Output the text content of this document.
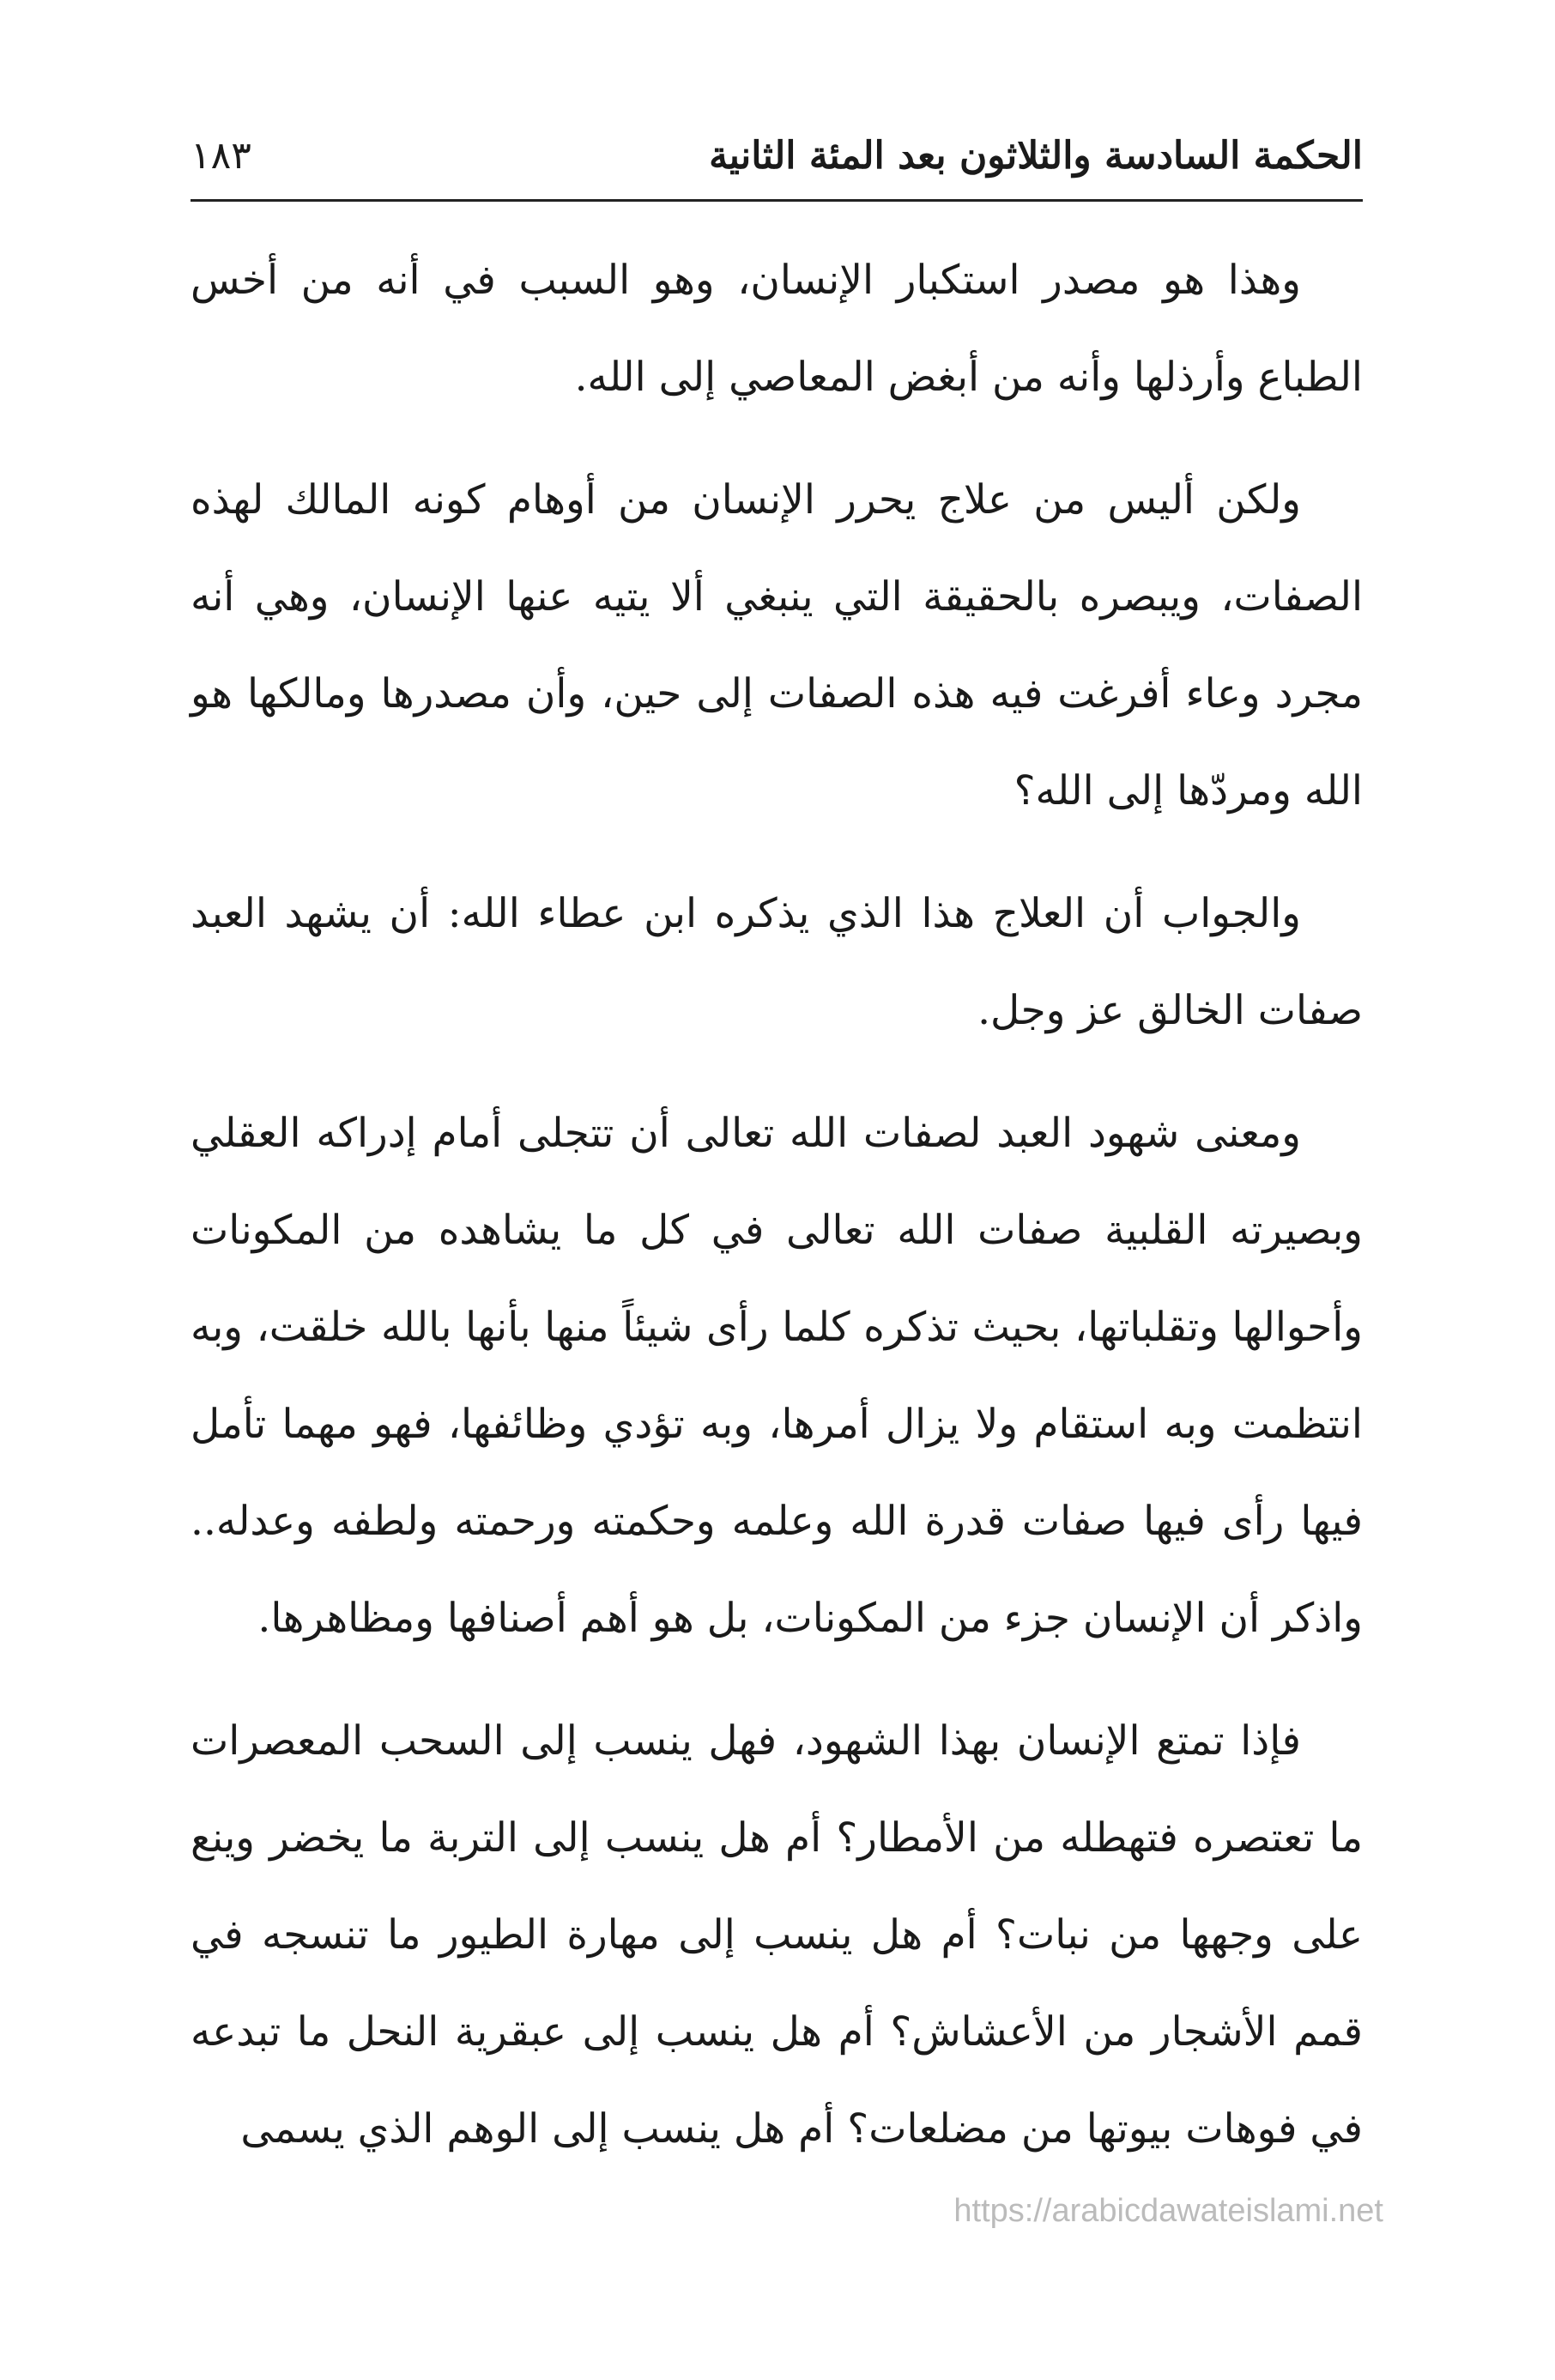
الحكمة السادسة والثلاثون بعد المئة الثانية
١٨٣

وهذا هو مصدر استكبار الإنسان، وهو السبب في أنه من أخس الطباع وأرذلها وأنه من أبغض المعاصي إلى الله.

ولكن أليس من علاج يحرر الإنسان من أوهام كونه المالك لهذه الصفات، ويبصره بالحقيقة التي ينبغي ألا يتيه عنها الإنسان، وهي أنه مجرد وعاء أفرغت فيه هذه الصفات إلى حين، وأن مصدرها ومالكها هو الله ومردّها إلى الله؟

والجواب أن العلاج هذا الذي يذكره ابن عطاء الله: أن يشهد العبد صفات الخالق عز وجل.

ومعنى شهود العبد لصفات الله تعالى أن تتجلى أمام إدراكه العقلي وبصيرته القلبية صفات الله تعالى في كل ما يشاهده من المكونات وأحوالها وتقلباتها، بحيث تذكره كلما رأى شيئاً منها بأنها بالله خلقت، وبه انتظمت وبه استقام ولا يزال أمرها، وبه تؤدي وظائفها، فهو مهما تأمل فيها رأى فيها صفات قدرة الله وعلمه وحكمته ورحمته ولطفه وعدله.. واذكر أن الإنسان جزء من المكونات، بل هو أهم أصنافها ومظاهرها.

فإذا تمتع الإنسان بهذا الشهود، فهل ينسب إلى السحب المعصرات ما تعتصره فتهطله من الأمطار؟ أم هل ينسب إلى التربة ما يخضر وينع على وجهها من نبات؟ أم هل ينسب إلى مهارة الطيور ما تنسجه في قمم الأشجار من الأعشاش؟ أم هل ينسب إلى عبقرية النحل ما تبدعه في فوهات بيوتها من مضلعات؟ أم هل ينسب إلى الوهم الذي يسمى

https://arabicdawateislami.net
